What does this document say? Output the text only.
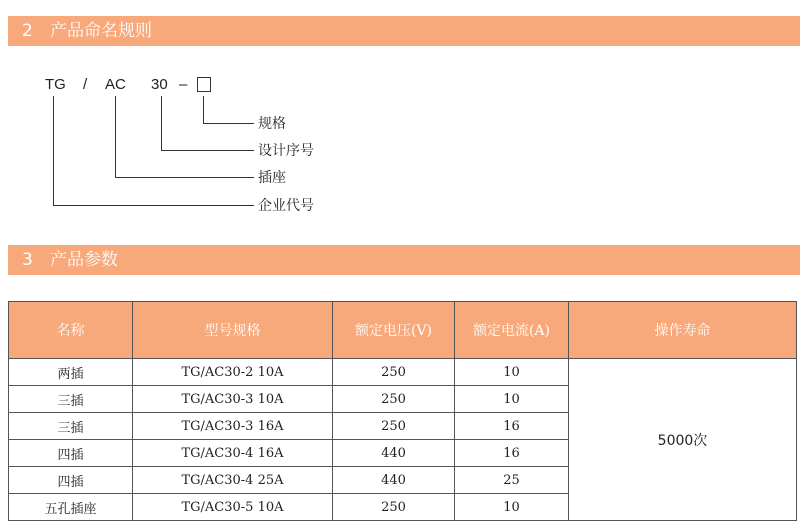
2 产品命名规则
TG / AC 30 –
规格
设计序号
插座
企业代号
3 产品参数
名称	型号规格	额定电压(V)	额定电流(A)	操作寿命
两插	TG/AC30-2 10A	250	10	5000次
三插	TG/AC30-3 10A	250	10	
三插	TG/AC30-3 16A	250	16	
四插	TG/AC30-4 16A	440	16	
四插	TG/AC30-4 25A	440	25	
五孔插座	TG/AC30-5 10A	250	10	
